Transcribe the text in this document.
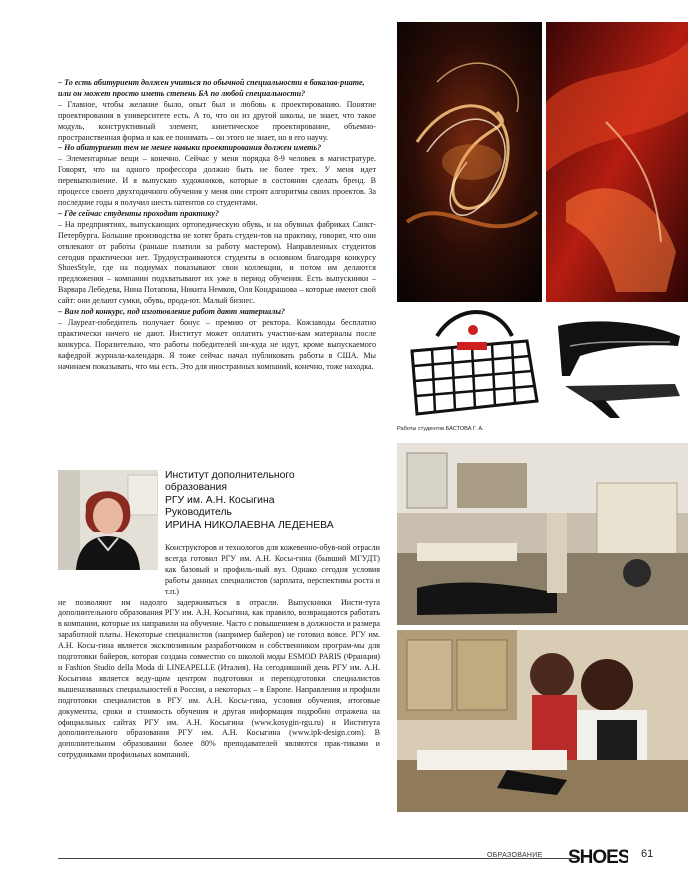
– То есть абитуриент должен учиться по обычной специальности в бакалав-риате, или он может просто иметь степень БА по любой специальности?

– Главное, чтобы желание было, опыт был и любовь к проектированию. Понятие проектирования в университете есть. А то, что он из другой школы, не знает, что такое модуль, конструктивный элемент, кинетическое проектирование, объемно-пространственная форма и как ее понимать – он этого не знает, но я его научу.

– Но абитуриент тем не менее навыки проектирования должен иметь?

– Элементарные вещи – конечно. Сейчас у меня порядка 8-9 человек в магистратуре. Говорят, что на одного профессора должно быть не более трех. У меня идет перевыполнение. И я выпускаю художников, которые в состоянии сделать бренд. В процессе своего двухгодичного обучения у меня они строят алгоритмы своих проектов. За последние годы я получил шесть патентов со студентами.

– Где сейчас студенты проходят практику?

– На предприятиях, выпускающих ортопедическую обувь, и на обувных фабриках Санкт-Петербурга. Большие производства не хотят брать студен-тов на практику, говорят, что они отвлекают от работы (раньше платили за работу мастером). Направленных студентов сегодня практически нет. Трудоустраиваются студенты в основном благодаря конкурсу ShoesStyle, где на подиумах показывают свои коллекции, и потом им делаются предложения – компании подхватывают их уже в период обучения. Есть выпускники – Варвара Лебедева, Нина Потапова, Никита Немков, Оля Кондрашова – которые имеют свой сайт: они делают сумки, обувь, прода-ют. Малый бизнес.

– Вам под конкурс, под изготовление работ дают материалы?

– Лауреат-победитель получает бонус – премию от ректора. Кожзаводы бесплатно практически ничего не дают. Институт может оплатить участни-кам материалы после конкурса. Поразительно, что работы победителей ни-куда не идут, кроме выпускаемого кафедрой журнала-календаря. Я тоже сейчас начал публиковать работы в США. Мы начинаем показывать, что мы есть. Это для иностранных компаний, конечно, тоже находка.

Работы студентов БАСТОВА Г. А.
Институт дополнительного
образования
РГУ им. А.Н. Косыгина
Руководитель
ИРИНА НИКОЛАЕВНА ЛЕДЕНЕВА
Конструкторов и технологов для кожевенно-обув-ной отрасли всегда готовил РГУ им. А.Н. Косы-гина (бывший МГУДТ) как базовый и профиль-ный вуз. Однако сегодня условия работы данных специалистов (зарплата, перспективы роста и т.п.)
не позволяют им надолго задерживаться в отрасли. Выпускники Инсти-тута дополнительного образования РГУ им. А.Н. Косыгина, как правило, возвращаются работать в компании, которые их направили на обучение. Часто с повышением в должности и размера заработной платы. Некоторые специалистов (например байеров) не готовил вовсе. РГУ им. А.Н. Косы-гина является эксклюзивным разработчиком и собственником програм-мы для подготовки байеров, которая создана совместно со школой моды ESMOD PARIS (Франция) и Fashion Studio della Moda di LINEAPELLE (Италия). На сегодняшний день РГУ им. А.Н. Косыгина является веду-щим центром подготовки и переподготовки специалистов вышеназванных специальностей в России, а некоторых – в Европе. Направления и профили подготовки специалистов в РГУ им. А.Н. Косы-гина, условия обучения, итоговые документы, сроки и стоимость обучения и другая информация подробно отражена на официальных сайтах РГУ им. А.Н. Косыгина (www.kosygin-rgu.ru) и Института дополнительного образования РГУ им. А.Н. Косыгина (www.ipk-design.com). В дополнительном образовании более 80% преподавателей являются прак-тиками и сотрудниками профильных компаний.
ОБРАЗОВАНИЕ SHOES 61
